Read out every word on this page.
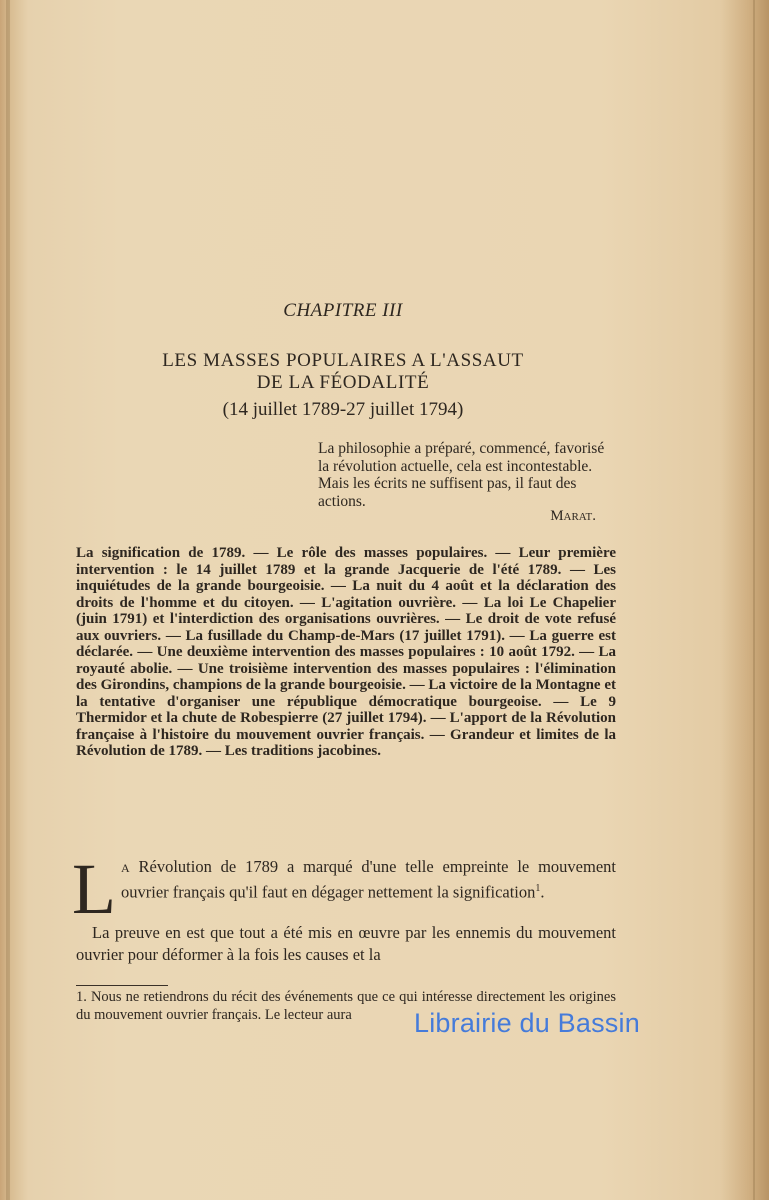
CHAPITRE III
LES MASSES POPULAIRES A L'ASSAUT
DE LA FÉODALITÉ
(14 juillet 1789-27 juillet 1794)
La philosophie a préparé, commencé, favorisé la révolution actuelle, cela est incontestable. Mais les écrits ne suffisent pas, il faut des actions.
Marat.
La signification de 1789. — Le rôle des masses populaires. — Leur première intervention : le 14 juillet 1789 et la grande Jacquerie de l'été 1789. — Les inquiétudes de la grande bourgeoisie. — La nuit du 4 août et la déclaration des droits de l'homme et du citoyen. — L'agitation ouvrière. — La loi Le Chapelier (juin 1791) et l'interdiction des organisations ouvrières. — Le droit de vote refusé aux ouvriers. — La fusillade du Champ-de-Mars (17 juillet 1791). — La guerre est déclarée. — Une deuxième intervention des masses populaires : 10 août 1792. — La royauté abolie. — Une troisième intervention des masses populaires : l'élimination des Girondins, champions de la grande bourgeoisie. — La victoire de la Montagne et la tentative d'organiser une république démocratique bourgeoise. — Le 9 Thermidor et la chute de Robespierre (27 juillet 1794). — L'apport de la Révolution française à l'histoire du mouvement ouvrier français. — Grandeur et limites de la Révolution de 1789. — Les traditions jacobines.
L a Révolution de 1789 a marqué d'une telle empreinte le mouvement ouvrier français qu'il faut en dégager nettement la signification$^1$.
La preuve en est que tout a été mis en œuvre par les ennemis du mouvement ouvrier pour déformer à la fois les causes et la
1. Nous ne retiendrons du récit des événements que ce qui intéresse directement les origines du mouvement ouvrier français. Le lecteur aura	Librairie du Bassin
